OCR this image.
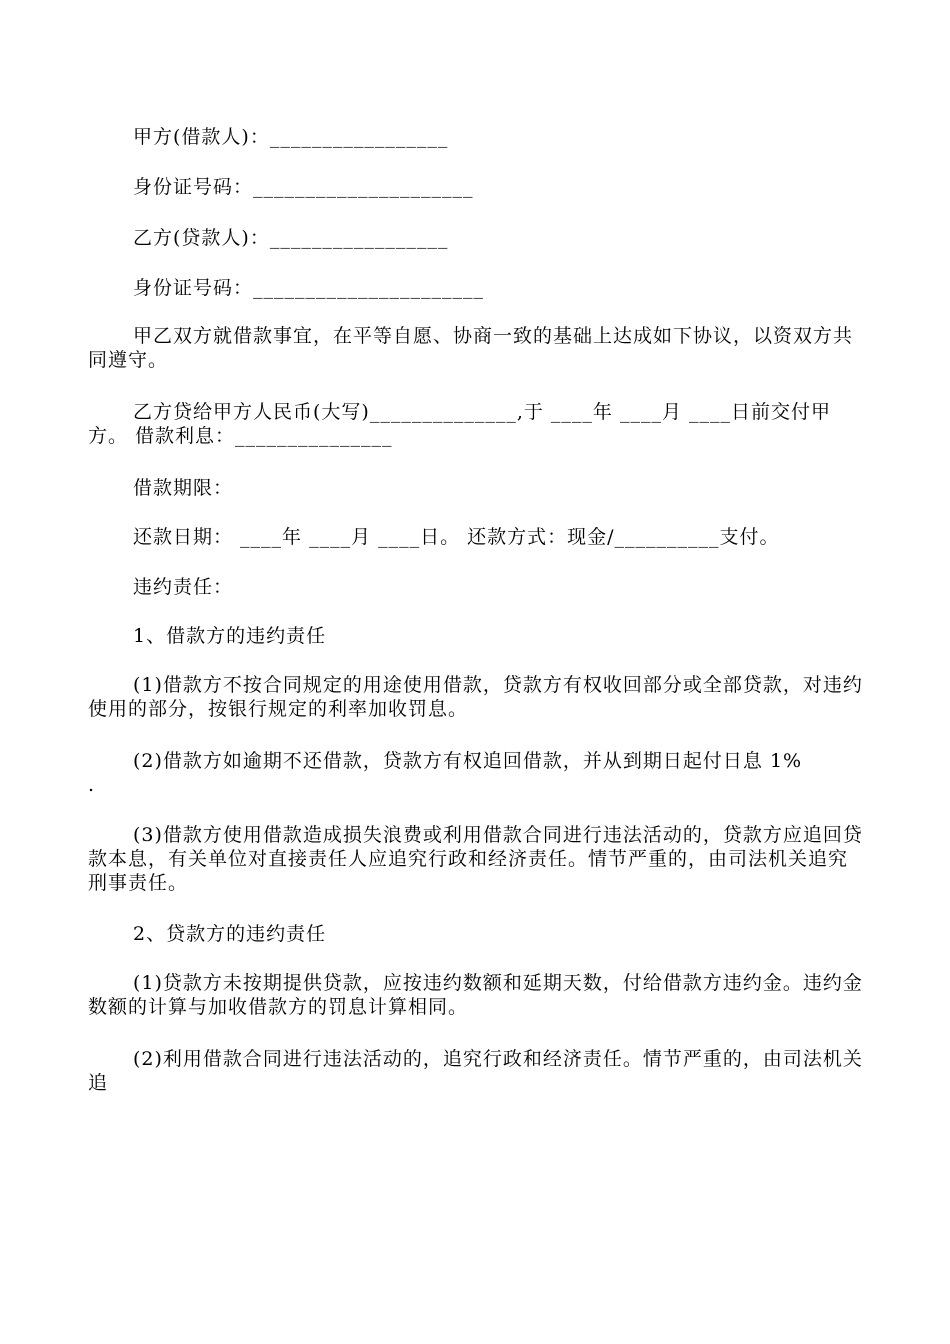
甲方(借款人)：_________________

身份证号码：_____________________

乙方(贷款人)：_________________

身份证号码：______________________

甲乙双方就借款事宜，在平等自愿、协商一致的基础上达成如下协议，以资双方共同遵守。

乙方贷给甲方人民币(大写)______________,于 ____年 ____月 ____日前交付甲方。 借款利息：_______________

借款期限：

还款日期： ____年 ____月 ____日。 还款方式：现金/__________支付。

违约责任：

1、借款方的违约责任

(1)借款方不按合同规定的用途使用借款，贷款方有权收回部分或全部贷款，对违约使用的部分，按银行规定的利率加收罚息。

(2)借款方如逾期不还借款，贷款方有权追回借款，并从到期日起付日息 1%
.

(3)借款方使用借款造成损失浪费或利用借款合同进行违法活动的，贷款方应追回贷款本息，有关单位对直接责任人应追究行政和经济责任。情节严重的，由司法机关追究刑事责任。

2、贷款方的违约责任

(1)贷款方未按期提供贷款，应按违约数额和延期天数，付给借款方违约金。违约金数额的计算与加收借款方的罚息计算相同。

(2)利用借款合同进行违法活动的，追究行政和经济责任。情节严重的，由司法机关追
